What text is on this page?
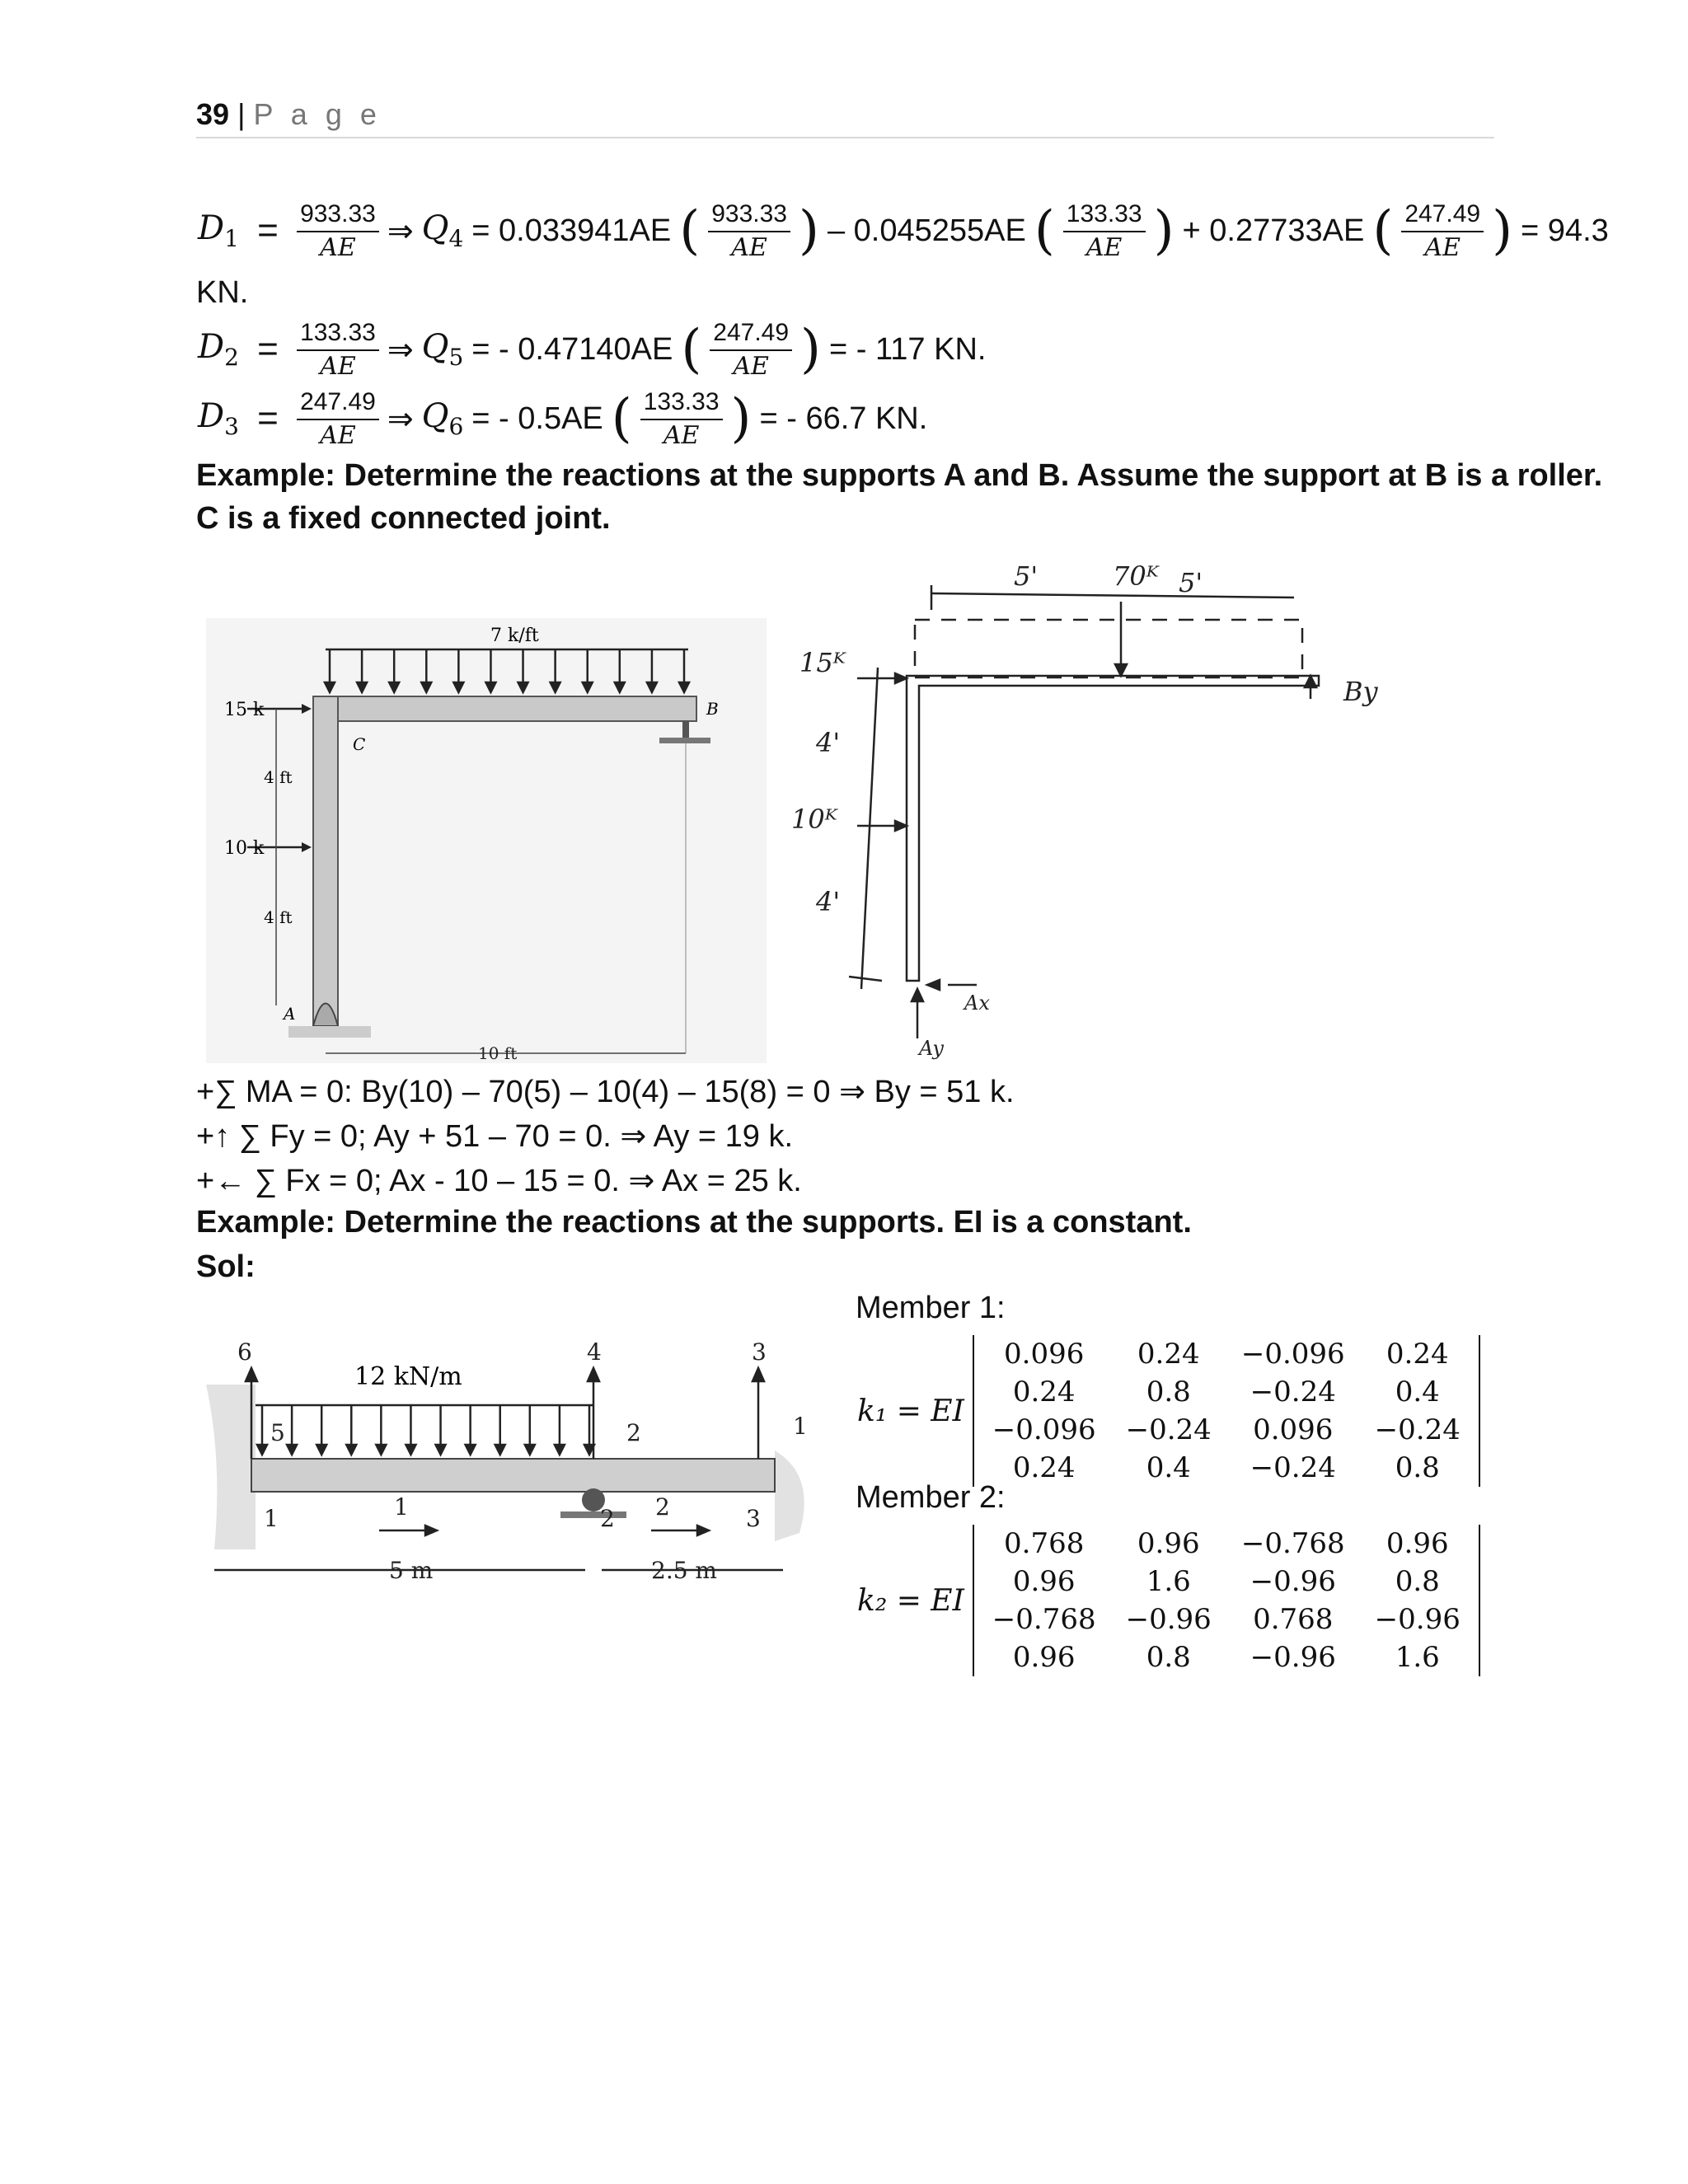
39 | P a g e
$D_1 = \frac{933.33}{AE}$ ⇒ $Q_4 = 0.033941AE$ ( $\frac{933.33}{AE}$ ) – 0.045255AE ( $\frac{133.33}{AE}$ ) + 0.27733AE ( $\frac{247.49}{AE}$ ) = 94.3
KN.
$D_2 = \frac{133.33}{AE}$ ⇒ $Q_5$ = - 0.47140AE ( $\frac{247.49}{AE}$ ) = - 117 KN.
$D_3 = \frac{247.49}{AE}$ ⇒ $Q_6$ = - 0.5AE ( $\frac{133.33}{AE}$ ) = - 66.7 KN.
Example: Determine the reactions at the supports A and B. Assume the support at B is a roller.
C is a fixed connected joint.
7 k/ft
15 k
10 k
4 ft
4 ft
A
C
B
10 ft
5'	70ᴷ 5'
15ᴷ
4'
10ᴷ
4'
By
Ax
Ay
+∑ MA = 0: By(10) – 70(5) – 10(4) – 15(8) = 0 ⇒ By = 51 k.
+↑ ∑ Fy = 0; Ay + 51 – 70 = 0. ⇒ Ay = 19 k.
+← ∑ Fx = 0; Ax - 10 – 15 = 0. ⇒ Ax = 25 k.
Example: Determine the reactions at the supports. EI is a constant.
Sol:
12 kN/m
6
5
4
2
3
1
1	2	3
1	2
5 m	2.5 m
Member 1:
k₁ = EI
0.096	0.24	−0.096	0.24
0.24	0.8	−0.24	0.4
−0.096	−0.24	0.096	−0.24
0.24	0.4	−0.24	0.8
Member 2:
k₂ = EI
0.768	0.96	−0.768	0.96
0.96	1.6	−0.96	0.8
−0.768	−0.96	0.768	−0.96
0.96	0.8	−0.96	1.6
